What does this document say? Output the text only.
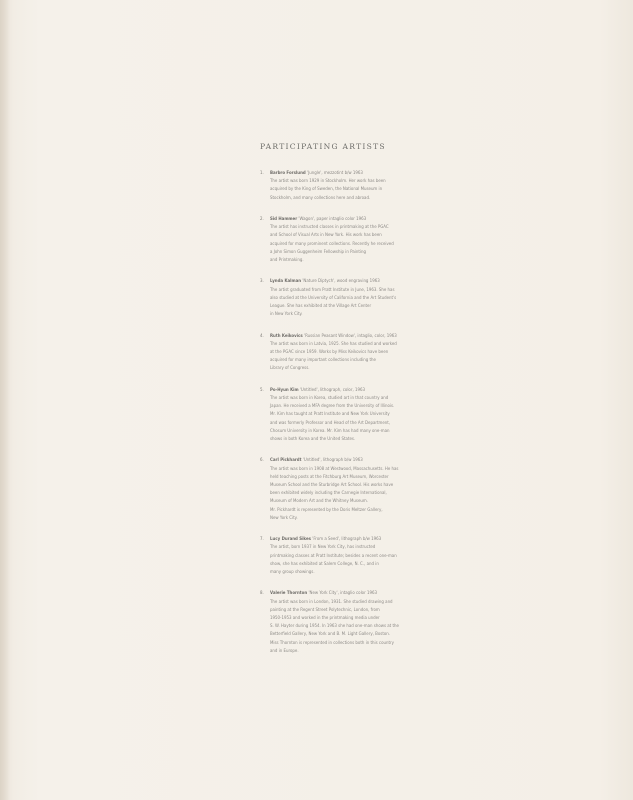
PARTICIPATING ARTISTS
1. Barbro Forslund 'Jungle', mezzotint b/w 1963
The artist was born 1929 in Stockholm. Her work has been
acquired by the King of Sweden, the National Museum in
Stockholm, and many collections here and abroad.
2. Sid Hammer 'Wagon', paper intaglio color 1963
The artist has instructed classes in printmaking at the PGAC
and School of Visual Arts in New York. His work has been
acquired for many prominent collections. Recently he received
a John Simon Guggenheim Fellowship in Painting
and Printmaking.
3. Lynda Kalman 'Nature Diptych', wood engraving 1963
The artist graduated from Pratt Institute in June, 1963. She has
also studied at the University of California and the Art Student's
League. She has exhibited at the Village Art Center
in New York City.
4. Ruth Keikovics 'Russian Peasant Window', intaglio, color, 1963
The artist was born in Latvia, 1925. She has studied and worked
at the PGAC since 1959. Works by Miss Keikovics have been
acquired for many important collections including the
Library of Congress.
5. Po-Hyun Kim 'Untitled', lithograph, color, 1963
The artist was born in Korea, studied art in that country and
Japan. He received a MFA degree from the University of Illinois.
Mr. Kim has taught at Pratt Institute and New York University
and was formerly Professor and Head of the Art Department,
Chosum University in Korea. Mr. Kim has had many one-man
shows in both Korea and the United States.
6. Carl Pickhardt 'Untitled', lithograph b/w 1963
The artist was born in 1908 at Westwood, Massachusetts. He has
held teaching posts at the Fitchburg Art Museum, Worcester
Museum School and the Sturbridge Art School. His works have
been exhibited widely including the Carnegie International,
Museum of Modern Art and the Whitney Museum.
Mr. Pickhardt is represented by the Doris Meltzer Gallery,
New York City.
7. Lucy Durand Sikes 'From a Seed', lithograph b/w 1963
The artist, born 1937 in New York City, has instructed
printmaking classes at Pratt Institute; besides a recent one-man
show, she has exhibited at Salem College, N. C., and in
many group showings.
8. Valerie Thornton 'New York City', intaglio color 1963
The artist was born in London, 1931. She studied drawing and
painting at the Regent Street Polytechnic, London, from
1950-1953 and worked in the printmaking media under
S. W. Hayter during 1954. In 1963 she had one-man shows at the
Betterfield Gallery, New York and B. M. Light Gallery, Boston.
Miss Thornton is represented in collections both in this country
and in Europe.
